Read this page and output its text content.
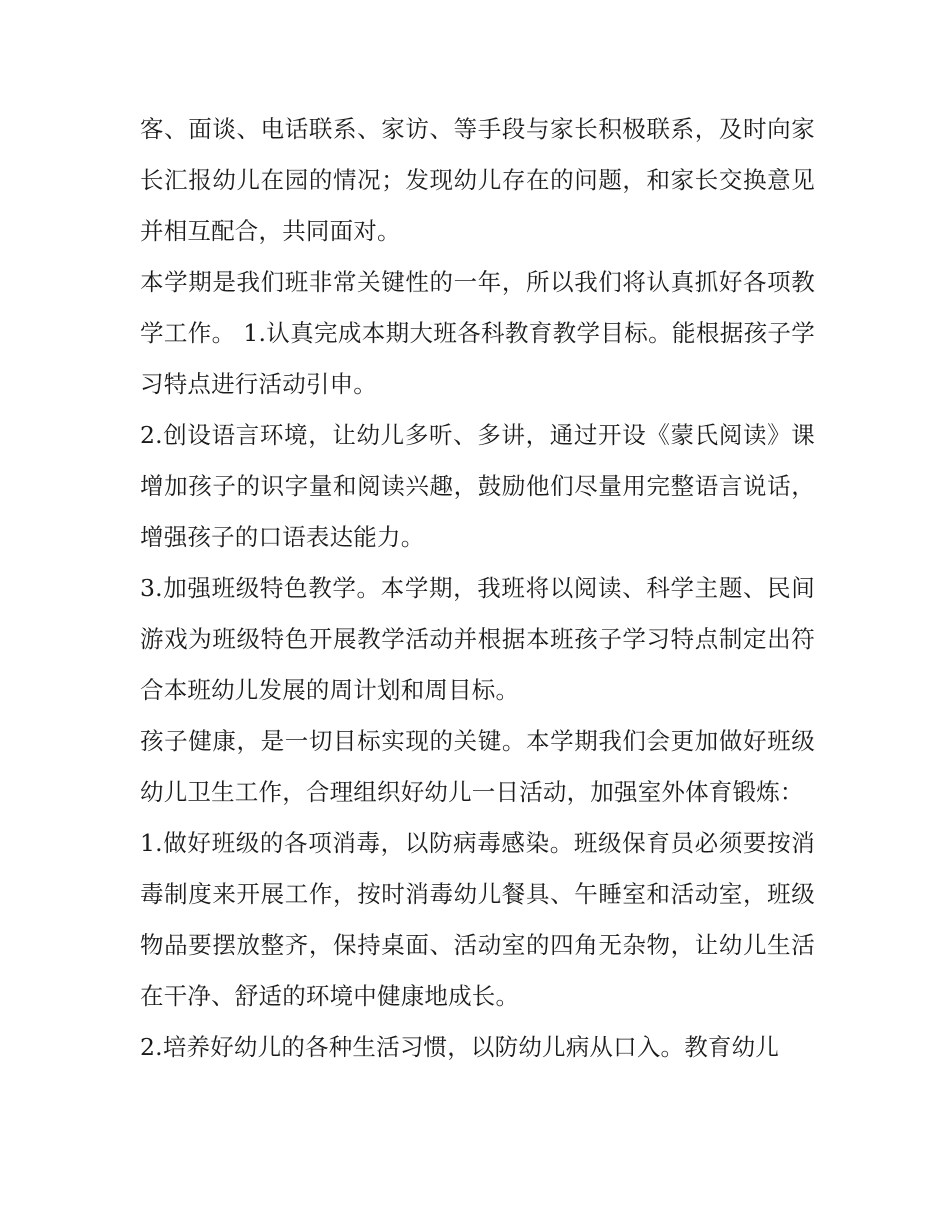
客、面谈、电话联系、家访、等手段与家长积极联系，及时向家长汇报幼儿在园的情况；发现幼儿存在的问题，和家长交换意见并相互配合，共同面对。

本学期是我们班非常关键性的一年，所以我们将认真抓好各项教学工作。 1.认真完成本期大班各科教育教学目标。能根据孩子学习特点进行活动引申。

2.创设语言环境，让幼儿多听、多讲，通过开设《蒙氏阅读》课增加孩子的识字量和阅读兴趣，鼓励他们尽量用完整语言说话，增强孩子的口语表达能力。

3.加强班级特色教学。本学期，我班将以阅读、科学主题、民间游戏为班级特色开展教学活动并根据本班孩子学习特点制定出符合本班幼儿发展的周计划和周目标。

孩子健康，是一切目标实现的关键。本学期我们会更加做好班级幼儿卫生工作，合理组织好幼儿一日活动，加强室外体育锻炼：

1.做好班级的各项消毒，以防病毒感染。班级保育员必须要按消毒制度来开展工作，按时消毒幼儿餐具、午睡室和活动室，班级物品要摆放整齐，保持桌面、活动室的四角无杂物，让幼儿生活在干净、舒适的环境中健康地成长。

2.培养好幼儿的各种生活习惯，以防幼儿病从口入。教育幼儿
